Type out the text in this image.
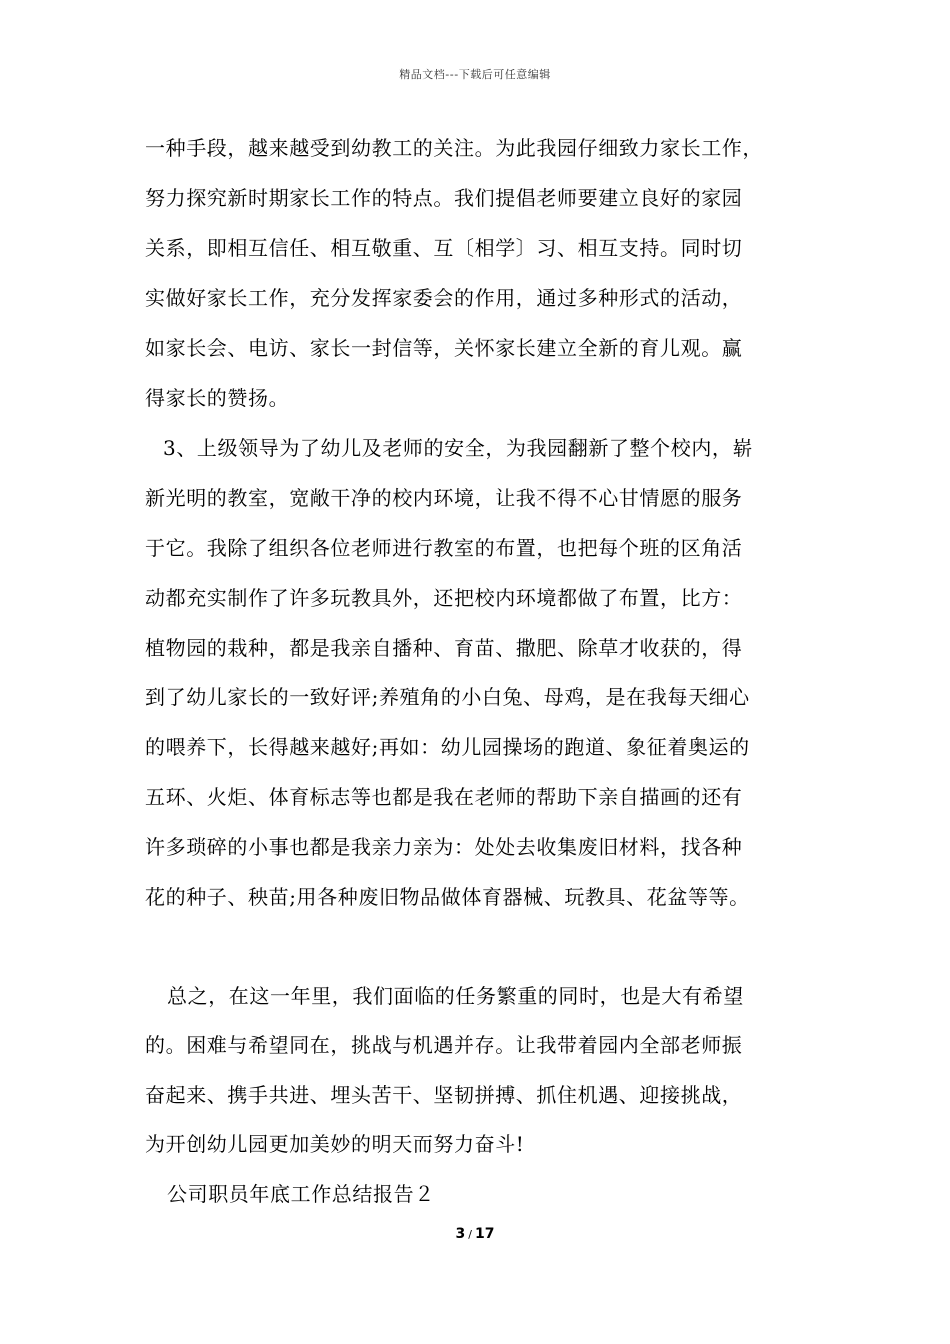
精品文档---下载后可任意编辑
一种手段，越来越受到幼教工的关注。为此我园仔细致力家长工作，
努力探究新时期家长工作的特点。我们提倡老师要建立良好的家园
关系，即相互信任、相互敬重、互〔相学〕习、相互支持。同时切
实做好家长工作，充分发挥家委会的作用，通过多种形式的活动，
如家长会、电访、家长一封信等，关怀家长建立全新的育儿观。赢
得家长的赞扬。
3、上级领导为了幼儿及老师的安全，为我园翻新了整个校内，崭
新光明的教室，宽敞干净的校内环境，让我不得不心甘情愿的服务
于它。我除了组织各位老师进行教室的布置，也把每个班的区角活
动都充实制作了许多玩教具外，还把校内环境都做了布置，比方：
植物园的栽种，都是我亲自播种、育苗、撒肥、除草才收获的，得
到了幼儿家长的一致好评;养殖角的小白兔、母鸡，是在我每天细心
的喂养下，长得越来越好;再如：幼儿园操场的跑道、象征着奥运的
五环、火炬、体育标志等也都是我在老师的帮助下亲自描画的还有
许多琐碎的小事也都是我亲力亲为：处处去收集废旧材料，找各种
花的种子、秧苗;用各种废旧物品做体育器械、玩教具、花盆等等。
总之，在这一年里，我们面临的任务繁重的同时，也是大有希望
的。困难与希望同在，挑战与机遇并存。让我带着园内全部老师振
奋起来、携手共进、埋头苦干、坚韧拼搏、抓住机遇、迎接挑战，
为开创幼儿园更加美妙的明天而努力奋斗!
公司职员年底工作总结报告２
3 / 17
